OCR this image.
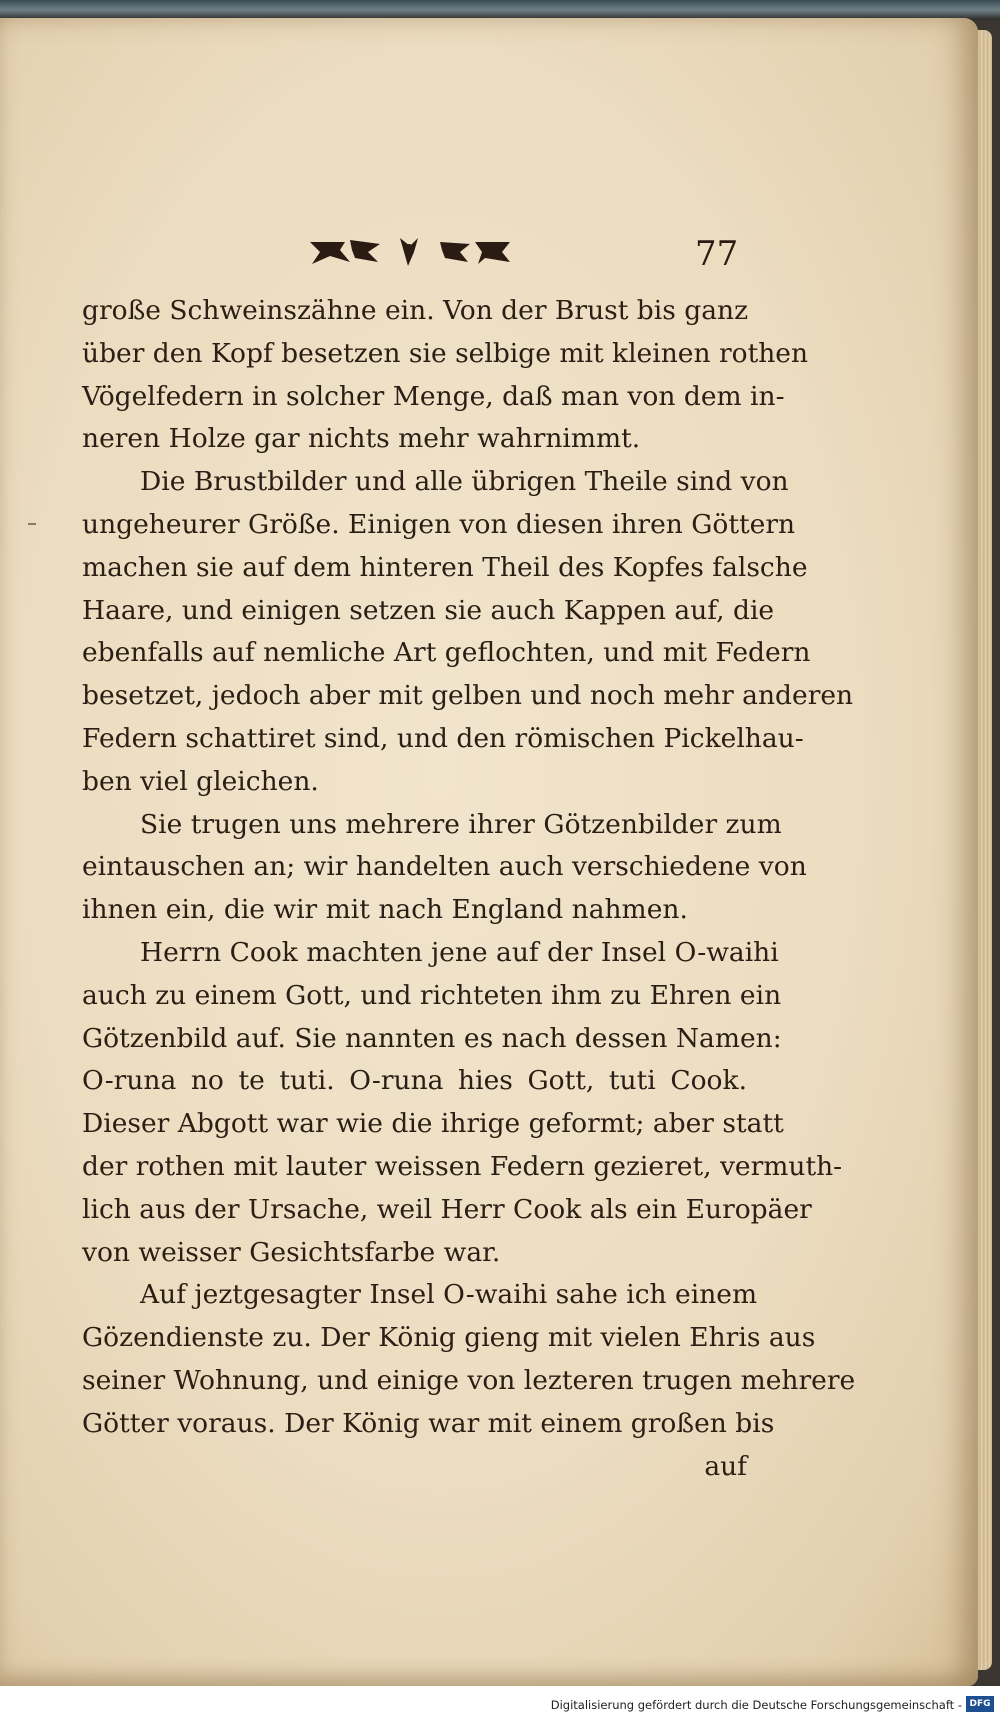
77
große Schweinszähne ein. Von der Brust bis ganz
über den Kopf besetzen sie selbige mit kleinen rothen
Vögelfedern in solcher Menge, daß man von dem in-
neren Holze gar nichts mehr wahrnimmt.
Die Brustbilder und alle übrigen Theile sind von
ungeheurer Größe. Einigen von diesen ihren Göttern
machen sie auf dem hinteren Theil des Kopfes falsche
Haare, und einigen setzen sie auch Kappen auf, die
ebenfalls auf nemliche Art geflochten, und mit Federn
besetzet, jedoch aber mit gelben und noch mehr anderen
Federn schattiret sind, und den römischen Pickelhau-
ben viel gleichen.
Sie trugen uns mehrere ihrer Götzenbilder zum
eintauschen an; wir handelten auch verschiedene von
ihnen ein, die wir mit nach England nahmen.
Herrn Cook machten jene auf der Insel O-waihi
auch zu einem Gott, und richteten ihm zu Ehren ein
Götzenbild auf. Sie nannten es nach dessen Namen:
O-runa no te tuti. O-runa hies Gott, tuti Cook.
Dieser Abgott war wie die ihrige geformt; aber statt
der rothen mit lauter weissen Federn gezieret, vermuth-
lich aus der Ursache, weil Herr Cook als ein Europäer
von weisser Gesichtsfarbe war.
Auf jeztgesagter Insel O-waihi sahe ich einem
Gözendienste zu. Der König gieng mit vielen Ehris aus
seiner Wohnung, und einige von lezteren trugen mehrere
Götter voraus. Der König war mit einem großen bis
auf
Digitalisierung gefördert durch die Deutsche Forschungsgemeinschaft - DFG
